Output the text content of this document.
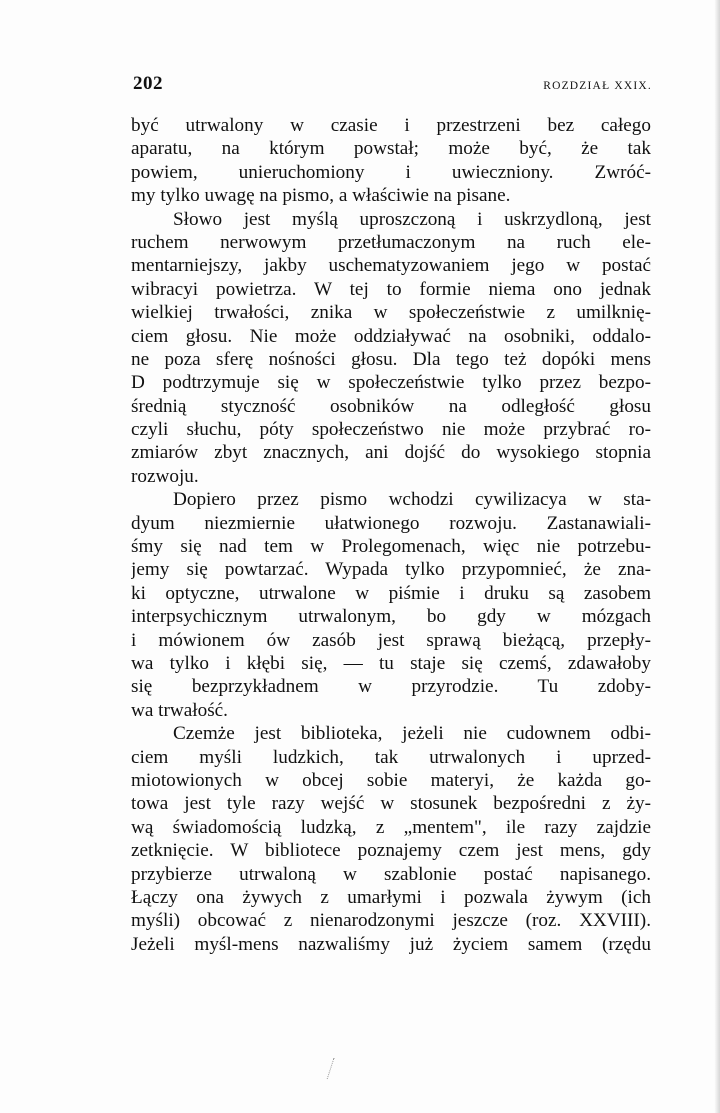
202	ROZDZIAŁ XXIX.
być utrwalony w czasie i przestrzeni bez całego
aparatu, na którym powstał; może być, że tak
powiem, unieruchomiony i uwieczniony. Zwróć-
my tylko uwagę na pismo, a właściwie na pisane.
Słowo jest myślą uproszczoną i uskrzydloną, jest
ruchem nerwowym przetłumaczonym na ruch ele-
mentarniejszy, jakby uschematyzowaniem jego w postać
wibracyi powietrza. W tej to formie niema ono jednak
wielkiej trwałości, znika w społeczeństwie z umilknię-
ciem głosu. Nie może oddziaływać na osobniki, oddalo-
ne poza sferę nośności głosu. Dla tego też dopóki mens
D podtrzymuje się w społeczeństwie tylko przez bezpo-
średnią styczność osobników na odległość głosu
czyli słuchu, póty społeczeństwo nie może przybrać ro-
zmiarów zbyt znacznych, ani dojść do wysokiego stopnia
rozwoju.
Dopiero przez pismo wchodzi cywilizacya w sta-
dyum niezmiernie ułatwionego rozwoju. Zastanawiali-
śmy się nad tem w Prolegomenach, więc nie potrzebu-
jemy się powtarzać. Wypada tylko przypomnieć, że zna-
ki optyczne, utrwalone w piśmie i druku są zasobem
interpsychicznym utrwalonym, bo gdy w mózgach
i mówionem ów zasób jest sprawą bieżącą, przepły-
wa tylko i kłębi się, — tu staje się czemś, zdawałoby
się bezprzykładnem w przyrodzie. Tu zdoby-
wa trwałość.
Czemże jest biblioteka, jeżeli nie cudownem odbi-
ciem myśli ludzkich, tak utrwalonych i uprzed-
miotowionych w obcej sobie materyi, że każda go-
towa jest tyle razy wejść w stosunek bezpośredni z ży-
wą świadomością ludzką, z „mentem", ile razy zajdzie
zetknięcie. W bibliotece poznajemy czem jest mens, gdy
przybierze utrwaloną w szablonie postać napisanego.
Łączy ona żywych z umarłymi i pozwala żywym (ich
myśli) obcować z nienarodzonymi jeszcze (roz. XXVIII).
Jeżeli myśl-mens nazwaliśmy już życiem samem (rzędu
